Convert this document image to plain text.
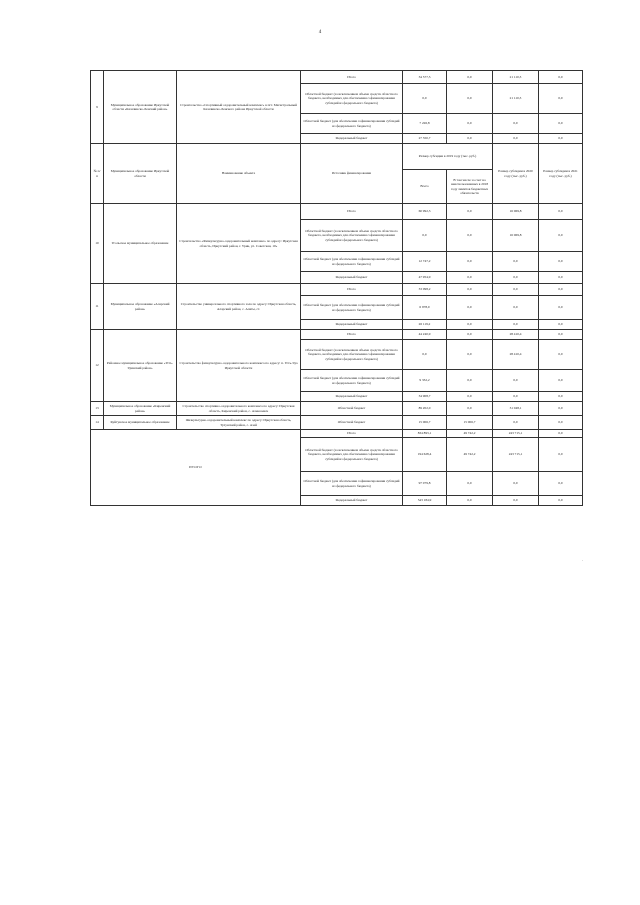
4
9	Муниципальное образование Иркутской области «Казачинско-Ленский район»	Строительство «Спортивный оздоровительный комплекс» в пгт. Магистральный Казачинско-Ленского района Иркутской области	Итого	34 577,5	0,0	21 110,3	0,0
			Областной бюджет (за исключением объема средств областного бюджета, необходимых для обеспечения софинансирования субсидий из федерального бюджета)	0,0	0,0	21 110,3	0,0
			Областной бюджет (для обеспечения софинансирования субсидий из федерального бюджета)	7 226,8	0,0	0,0	0,0
			Федеральный бюджет	27 350,7	0,0	0,0	0,0
№ п/п	Муниципальное образование Иркутской области	Наименование объекта	Источник финансирования	Размер субсидии в 2019 году (тыс. руб.)		Размер субсидии в 2020 году (тыс. руб.)	Размер субсидии в 2021 году (тыс. руб.)
				Всего	В том числе за счет на неиспользованных в 2018 году лимитов бюджетных обязательств		
10	Усольское муниципальное образование	Строительство «Физкультурно-оздоровительный комплекс» по адресу: Иркутская область, Иркутский район, г. Урик, ул. Советская, 10»	Итого	60 992,3	0,0	16 069,8	0,0
			Областной бюджет (за исключением объема средств областного бюджета, необходимых для обеспечения софинансирования субсидий из федерального бюджета)	0,0	0,0	16 069,8	0,0
			Областной бюджет (для обеспечения софинансирования субсидий из федерального бюджета)	12 747,2	0,0	0,0	0,0
			Федеральный бюджет	47 954,9	0,0	0,0	0,0
11	Муниципальное образование «Аларский район»	Строительство универсального спортивного зала по адресу: Иркутская область, Аларский район, с. Аляты, ст.	Итого	33 098,2	0,0	0,0	0,0
			Областной бюджет (для обеспечения софинансирования субсидий из федерального бюджета)	6 978,0	0,0	0,0	0,0
			Федеральный бюджет	26 119,2	0,0	0,0	0,0
12	Районное муниципальное образование «Усть-Удинский район»	Строительство физкультурно-оздоровительного комплекса по адресу: п. Усть-Уда Иркутской области	Итого	44 240,9	0,0	28 410,4	0,0
			Областной бюджет (за исключением объема средств областного бюджета, необходимых для обеспечения софинансирования субсидий из федерального бюджета)	0,0	0,0	28 410,4	0,0
			Областной бюджет (для обеспечения софинансирования субсидий из федерального бюджета)	9 332,2	0,0	0,0	0,0
			Федеральный бюджет	34 908,7	0,0	0,0	0,0
13	Муниципальное образование «Киренский район»	Строительство спортивно-оздоровительного комплекса по адресу: Иркутская область, Киренский район, с. Алексеевск	Областной бюджет	89 202,0	0,0	31 048,1	0,0
14	Куйтунское муниципальное образование	Физкультурно-оздоровительный комплекс по адресу: Иркутская область, Тулунский район, с. Азей	Областной бюджет	15 006,7	15 006,7	0,0	0,0
ИТОГО			Итого	834 893,1	49 742,2	243 715,1	0,0
			Областной бюджет (за исключением объема средств областного бюджета, необходимых для обеспечения софинансирования субсидий из федерального бюджета)	194 628,4	49 742,2	243 715,1	0,0
			Областной бюджет (для обеспечения софинансирования субсидий из федерального бюджета)	97 079,8	0,0	0,0	0,0
			Федеральный бюджет	543 184,9	0,0	0,0	0,0
.
